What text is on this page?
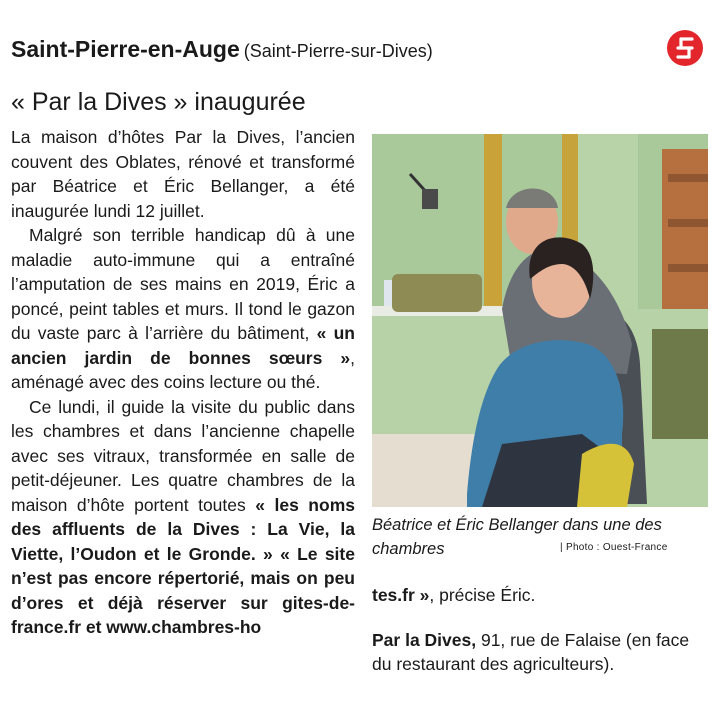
Saint-Pierre-en-Auge (Saint-Pierre-sur-Dives)
« Par la Dives » inaugurée

La maison d’hôtes Par la Dives, l’ancien couvent des Oblates, rénové et transformé par Béatrice et Éric Bellanger, a été inaugurée lundi 12 juillet.

Malgré son terrible handicap dû à une maladie auto-immune qui a entraîné l’amputation de ses mains en 2019, Éric a poncé, peint tables et murs. Il tond le gazon du vaste parc à l’arrière du bâtiment, « un ancien jardin de bonnes sœurs », aménagé avec des coins lecture ou thé.

Ce lundi, il guide la visite du public dans les chambres et dans l’ancienne chapelle avec ses vitraux, transformée en salle de petit-déjeuner. Les quatre chambres de la maison d’hôte portent toutes « les noms des affluents de la Dives : La Vie, la Viette, l’Oudon et le Gronde. » « Le site n’est pas encore répertorié, mais on peu d’ores et déjà réserver sur gites-de-france.fr et www.chambres-ho

Béatrice et Éric Bellanger dans une des chambres	| Photo : Ouest-France

tes.fr », précise Éric.

Par la Dives, 91, rue de Falaise (en face du restaurant des agriculteurs).
